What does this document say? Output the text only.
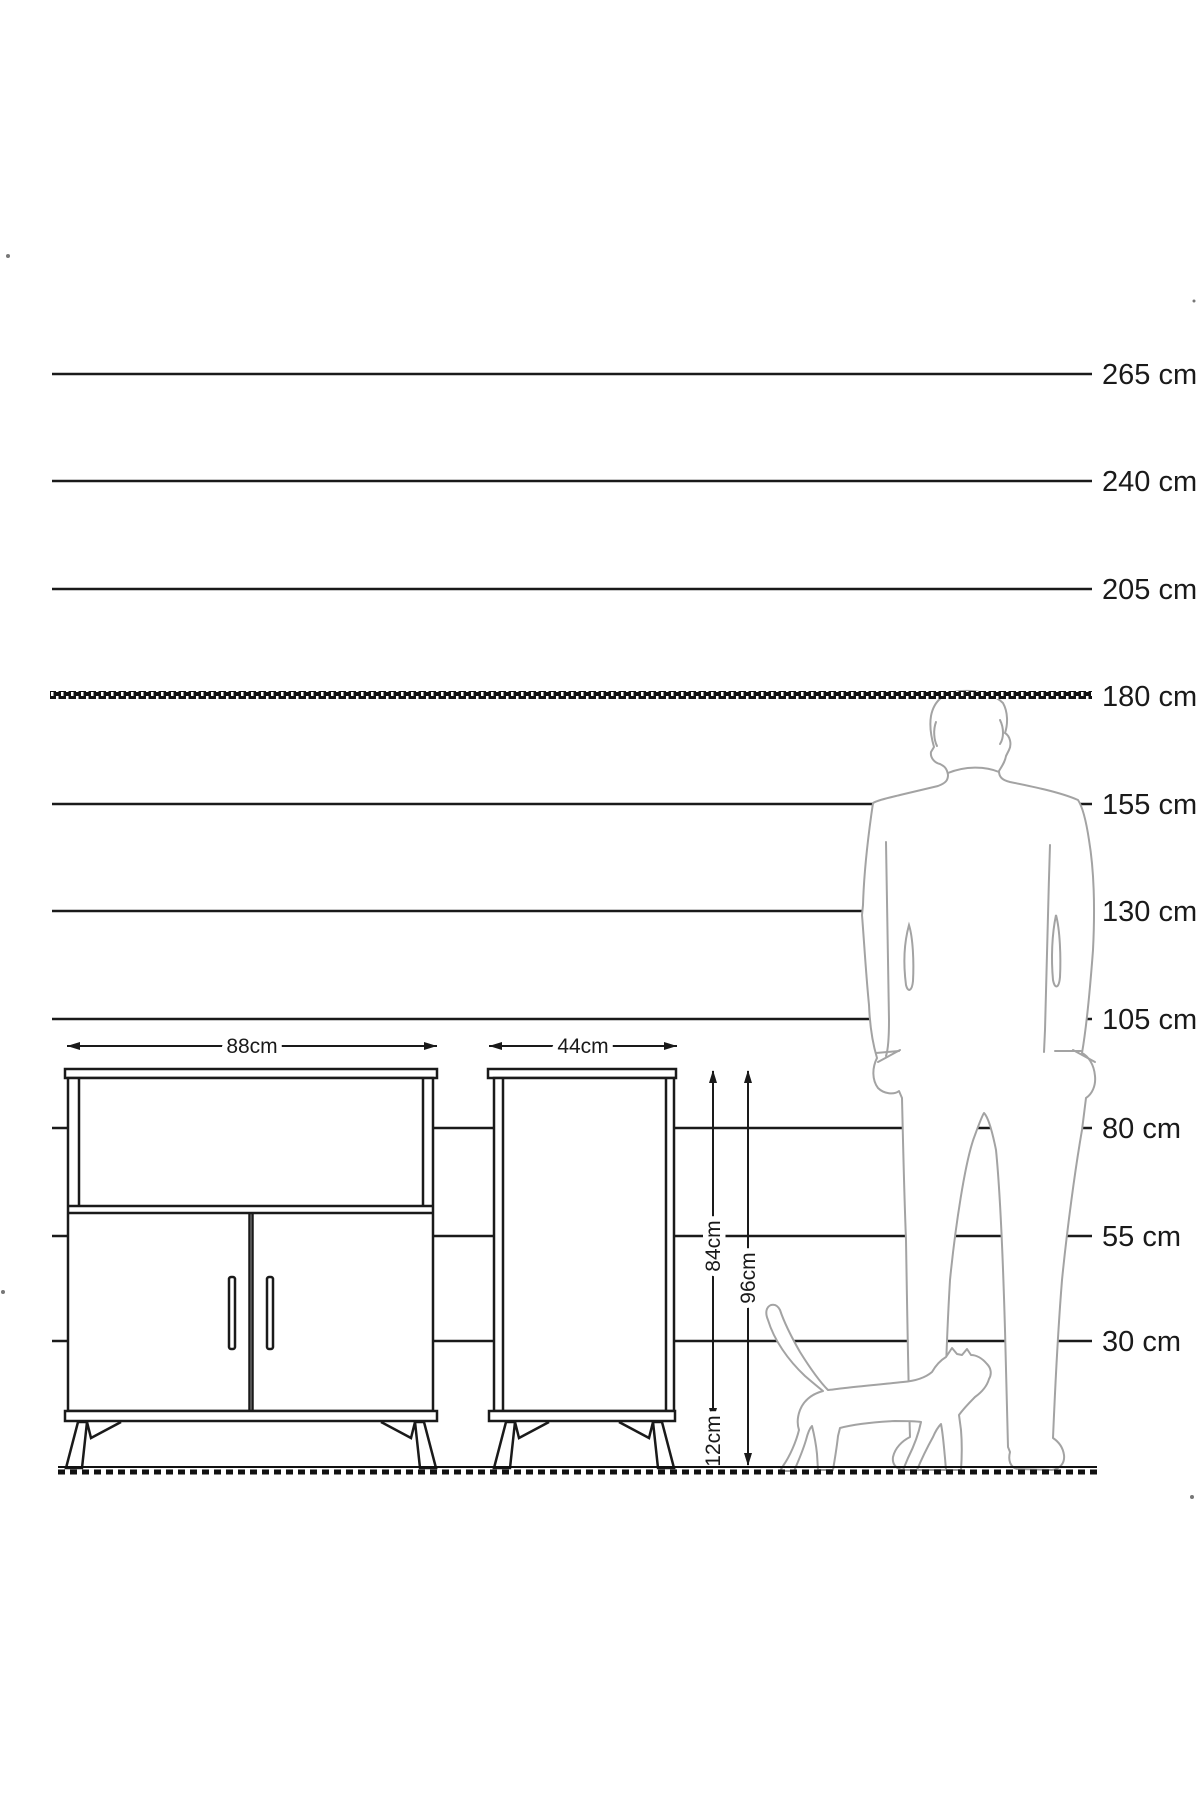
265 cm
240 cm
205 cm
155 cm
130 cm
105 cm
80 cm
55 cm
30 cm
88cm	44cm
84cm
96cm
12cm
180 cm
